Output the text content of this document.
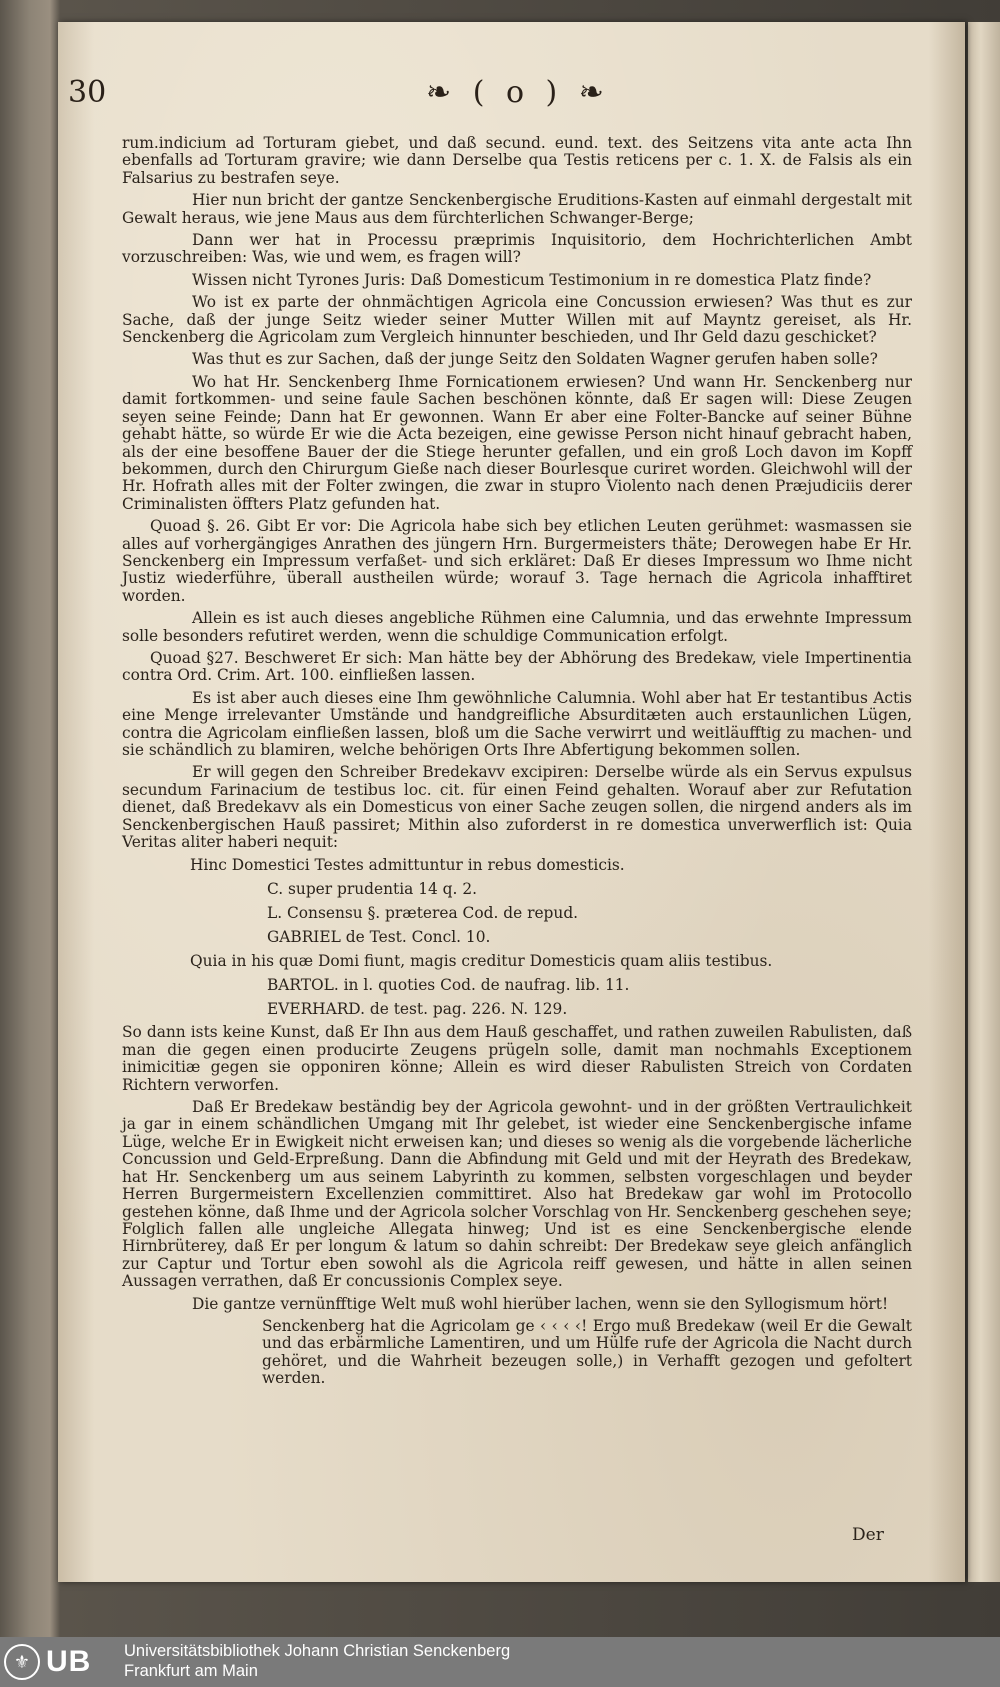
30	❧ ( o ) ❧

rum.indicium ad Torturam giebet, und daß secund. eund. text. des Seitzens vita ante acta Ihn ebenfalls ad Torturam gravire; wie dann Derselbe qua Testis reticens per c. 1. X. de Falsis als ein Falsarius zu bestrafen seye.

Hier nun bricht der gantze Senckenbergische Eruditions-Kasten auf einmahl dergestalt mit Gewalt heraus, wie jene Maus aus dem fürchterlichen Schwanger-Berge;

Dann wer hat in Processu præprimis Inquisitorio, dem Hochrichterlichen Ambt vorzuschreiben: Was, wie und wem, es fragen will?

Wissen nicht Tyrones Juris: Daß Domesticum Testimonium in re domestica Platz finde?

Wo ist ex parte der ohnmächtigen Agricola eine Concussion erwiesen? Was thut es zur Sache, daß der junge Seitz wieder seiner Mutter Willen mit auf Mayntz gereiset, als Hr. Senckenberg die Agricolam zum Vergleich hinnunter beschieden, und Ihr Geld dazu geschicket?

Was thut es zur Sachen, daß der junge Seitz den Soldaten Wagner gerufen haben solle?

Wo hat Hr. Senckenberg Ihme Fornicationem erwiesen? Und wann Hr. Senckenberg nur damit fortkommen- und seine faule Sachen beschönen könnte, daß Er sagen will: Diese Zeugen seyen seine Feinde; Dann hat Er gewonnen. Wann Er aber eine Folter-Bancke auf seiner Bühne gehabt hätte, so würde Er wie die Acta bezeigen, eine gewisse Person nicht hinauf gebracht haben, als der eine besoffene Bauer der die Stiege herunter gefallen, und ein groß Loch davon im Kopff bekommen, durch den Chirurgum Gieße nach dieser Bourlesque curiret worden. Gleichwohl will der Hr. Hofrath alles mit der Folter zwingen, die zwar in stupro Violento nach denen Præjudiciis derer Criminalisten öffters Platz gefunden hat.

Quoad §. 26. Gibt Er vor: Die Agricola habe sich bey etlichen Leuten gerühmet: wasmassen sie alles auf vorhergängiges Anrathen des jüngern Hrn. Burgermeisters thäte; Derowegen habe Er Hr. Senckenberg ein Impressum verfaßet- und sich erkläret: Daß Er dieses Impressum wo Ihme nicht Justiz wiederführe, überall austheilen würde; worauf 3. Tage hernach die Agricola inhafftiret worden.

Allein es ist auch dieses angebliche Rühmen eine Calumnia, und das erwehnte Impressum solle besonders refutiret werden, wenn die schuldige Communication erfolgt.

Quoad §27. Beschweret Er sich: Man hätte bey der Abhörung des Bredekaw, viele Impertinentia contra Ord. Crim. Art. 100. einfließen lassen.

Es ist aber auch dieses eine Ihm gewöhnliche Calumnia. Wohl aber hat Er testantibus Actis eine Menge irrelevanter Umstände und handgreifliche Absurditæten auch erstaunlichen Lügen, contra die Agricolam einfließen lassen, bloß um die Sache verwirrt und weitläufftig zu machen- und sie schändlich zu blamiren, welche behörigen Orts Ihre Abfertigung bekommen sollen.

Er will gegen den Schreiber Bredekavv excipiren: Derselbe würde als ein Servus expulsus secundum Farinacium de testibus loc. cit. für einen Feind gehalten. Worauf aber zur Refutation dienet, daß Bredekavv als ein Domesticus von einer Sache zeugen sollen, die nirgend anders als im Senckenbergischen Hauß passiret; Mithin also zuforderst in re domestica unverwerflich ist: Quia Veritas aliter haberi nequit:

Hinc Domestici Testes admittuntur in rebus domesticis.

C. super prudentia 14 q. 2.

L. Consensu §. præterea Cod. de repud.

GABRIEL de Test. Concl. 10.

Quia in his quæ Domi fiunt, magis creditur Domesticis quam aliis testibus.

BARTOL. in l. quoties Cod. de naufrag. lib. 11.

EVERHARD. de test. pag. 226. N. 129.

So dann ists keine Kunst, daß Er Ihn aus dem Hauß geschaffet, und rathen zuweilen Rabulisten, daß man die gegen einen producirte Zeugens prügeln solle, damit man nochmahls Exceptionem inimicitiæ gegen sie opponiren könne; Allein es wird dieser Rabulisten Streich von Cordaten Richtern verworfen.

Daß Er Bredekaw beständig bey der Agricola gewohnt- und in der größten Vertraulichkeit ja gar in einem schändlichen Umgang mit Ihr gelebet, ist wieder eine Senckenbergische infame Lüge, welche Er in Ewigkeit nicht erweisen kan; und dieses so wenig als die vorgebende lächerliche Concussion und Geld-Erpreßung. Dann die Abfindung mit Geld und mit der Heyrath des Bredekaw, hat Hr. Senckenberg um aus seinem Labyrinth zu kommen, selbsten vorgeschlagen und beyder Herren Burgermeistern Excellenzien committiret. Also hat Bredekaw gar wohl im Protocollo gestehen könne, daß Ihme und der Agricola solcher Vorschlag von Hr. Senckenberg geschehen seye; Folglich fallen alle ungleiche Allegata hinweg; Und ist es eine Senckenbergische elende Hirnbrüterey, daß Er per longum & latum so dahin schreibt: Der Bredekaw seye gleich anfänglich zur Captur und Tortur eben sowohl als die Agricola reiff gewesen, und hätte in allen seinen Aussagen verrathen, daß Er concussionis Complex seye.

Die gantze vernünfftige Welt muß wohl hierüber lachen, wenn sie den Syllogismum hört!

Senckenberg hat die Agricolam ge ‹ ‹ ‹ ‹! Ergo muß Bredekaw (weil Er die Gewalt und das erbärmliche Lamentiren, und um Hülfe rufe der Agricola die Nacht durch gehöret, und die Wahrheit bezeugen solle,) in Verhafft gezogen und gefoltert werden.

Der
⚜ UB Universitätsbibliothek Johann Christian Senckenberg
Frankfurt am Main
